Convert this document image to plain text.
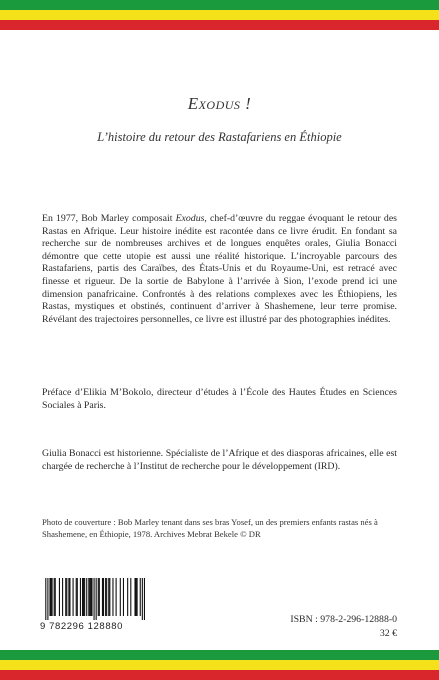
Exodus !
L’histoire du retour des Rastafariens en Éthiopie

En 1977, Bob Marley composait Exodus, chef-d’œuvre du reggae évoquant le retour des Rastas en Afrique. Leur histoire inédite est racontée dans ce livre érudit. En fondant sa recherche sur de nombreuses archives et de longues enquêtes orales, Giulia Bonacci démontre que cette utopie est aussi une réalité historique. L’incroyable parcours des Rastafariens, partis des Caraïbes, des États-Unis et du Royaume-Uni, est retracé avec finesse et rigueur. De la sortie de Babylone à l’arrivée à Sion, l’exode prend ici une dimension panafricaine. Confrontés à des relations complexes avec les Éthiopiens, les Rastas, mystiques et obstinés, continuent d’arriver à Shashemene, leur terre promise. Révélant des trajectoires personnelles, ce livre est illustré par des photographies inédites.

Préface d’Elikia M’Bokolo, directeur d’études à l’École des Hautes Études en Sciences Sociales à Paris.

Giulia Bonacci est historienne. Spécialiste de l’Afrique et des diasporas africaines, elle est chargée de recherche à l’Institut de recherche pour le développement (IRD).

Photo de couverture : Bob Marley tenant dans ses bras Yosef, un des premiers enfants rastas nés à Shashemene, en Éthiopie, 1978. Archives Mebrat Bekele © DR

9 782296 128880
ISBN : 978-2-296-12888-0
32 €
